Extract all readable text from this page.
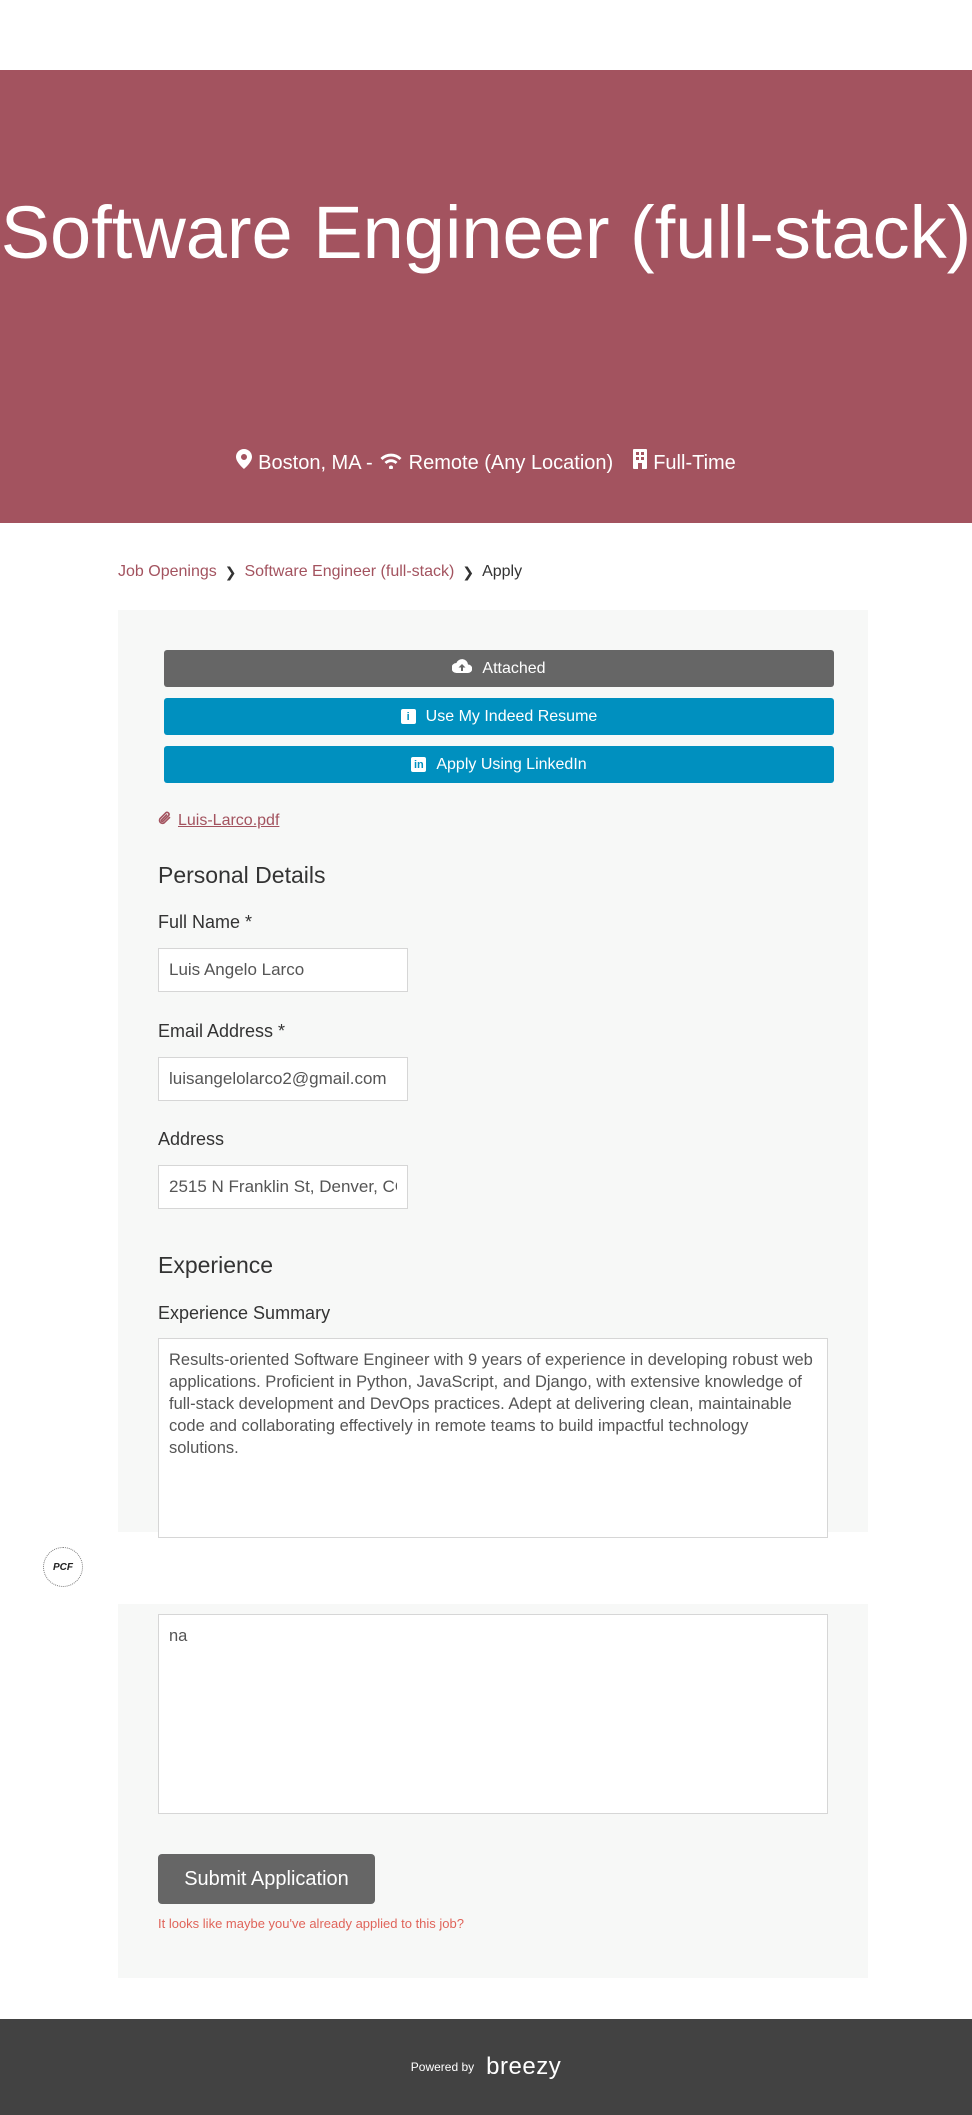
Software Engineer (full-stack)
Boston, MA - Remote (Any Location) Full-Time
Job Openings ❯ Software Engineer (full-stack) ❯ Apply
Attached
i Use My Indeed Resume
in Apply Using LinkedIn
Luis-Larco.pdf
Personal Details
Full Name *
Luis Angelo Larco
Email Address *
luisangelolarco2@gmail.com
Address
2515 N Franklin St, Denver, CO
Experience
Experience Summary
Results-oriented Software Engineer with 9 years of experience in developing robust web applications. Proficient in Python, JavaScript, and Django, with extensive knowledge of full-stack development and DevOps practices. Adept at delivering clean, maintainable code and collaborating effectively in remote teams to build impactful technology solutions.
PCF
na
Submit Application

It looks like maybe you've already applied to this job?

Powered by breezy
